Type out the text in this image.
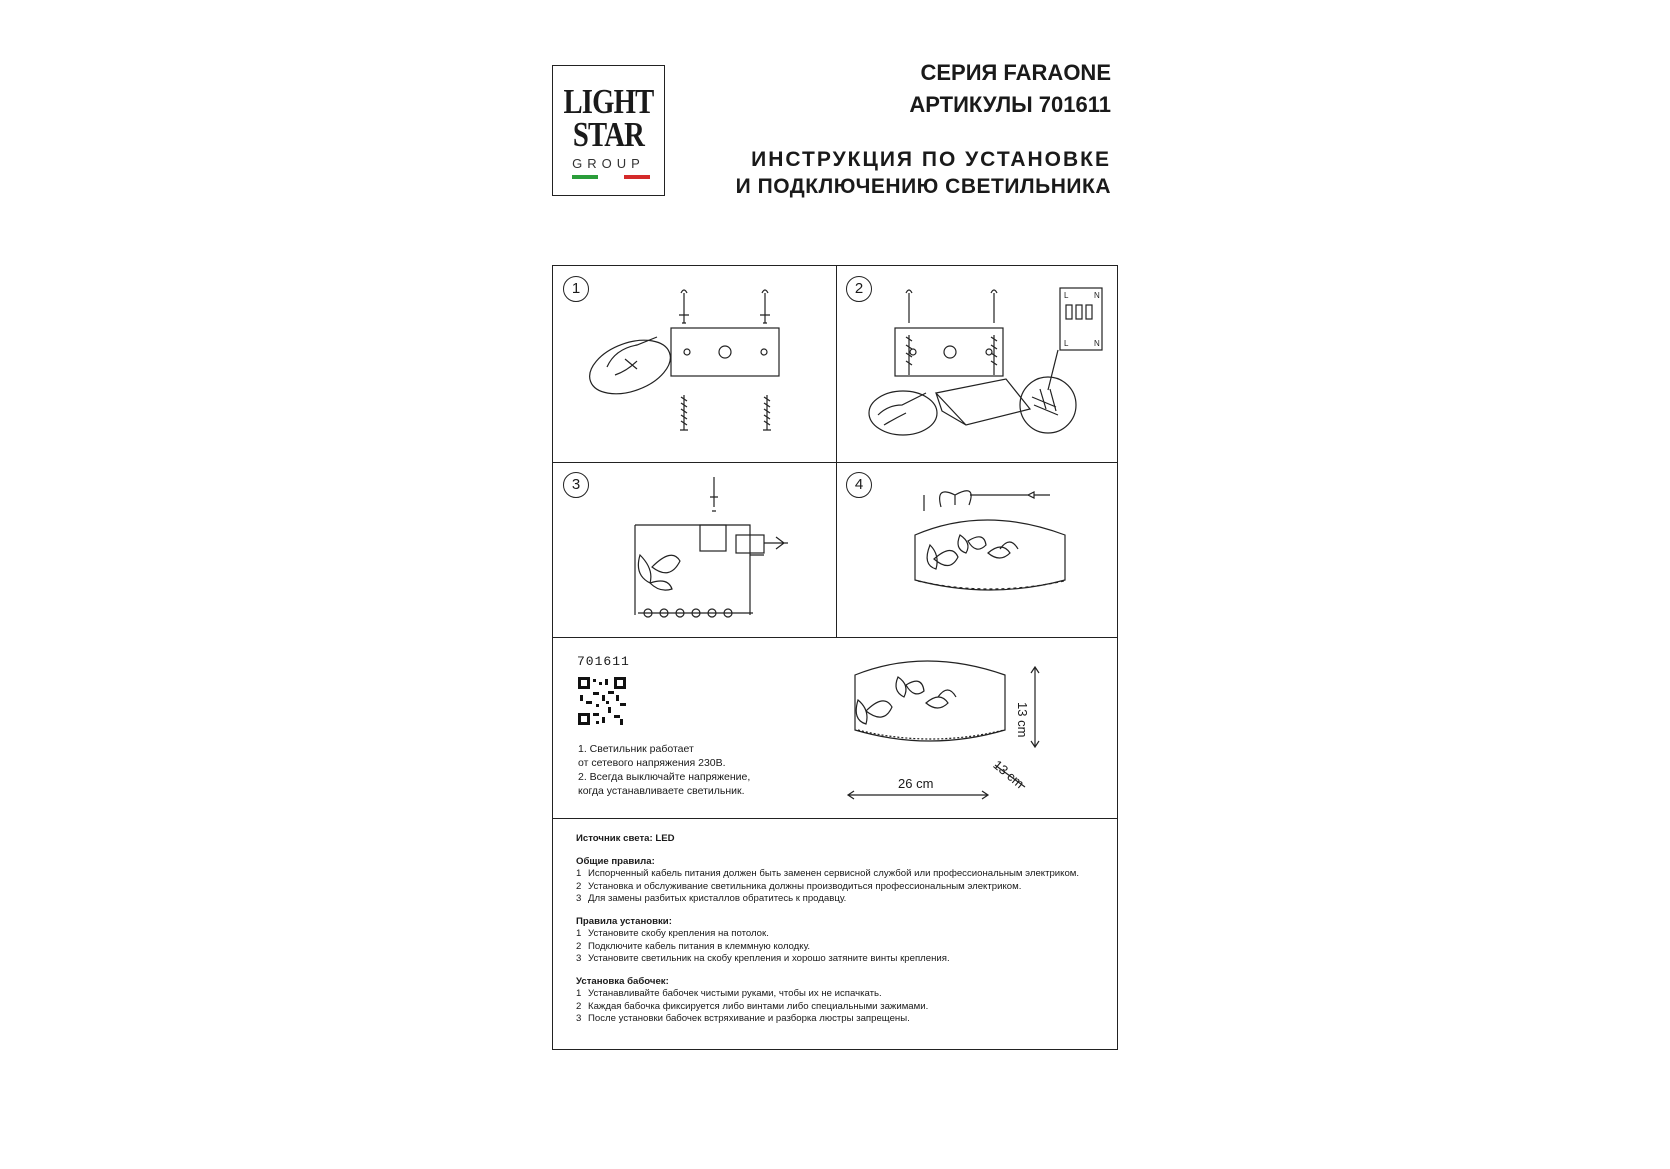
LIGHT
STAR
GROUP
СЕРИЯ FARAONE
АРТИКУЛЫ 701611
ИНСТРУКЦИЯ ПО УСТАНОВКЕ
И ПОДКЛЮЧЕНИЮ СВЕТИЛЬНИКА
1	2
3	4
L	N
L	N
701611
1. Светильник работает
от сетевого напряжения 230В.
2. Всегда выключайте напряжение,
когда устанавливаете светильник.	26 cm
13 cm
13 cm
Источник света: LED
Общие правила:
1 Испорченный кабель питания должен быть заменен сервисной службой или профессиональным электриком.
2 Установка и обслуживание светильника должны производиться профессиональным электриком.
3 Для замены разбитых кристаллов обратитесь к продавцу.
Правила установки:
1 Установите скобу крепления на потолок.
2 Подключите кабель питания в клеммную колодку.
3 Установите светильник на скобу крепления и хорошо затяните винты крепления.
Установка бабочек:
1 Устанавливайте бабочек чистыми руками, чтобы их не испачкать.
2 Каждая бабочка фиксируется либо винтами либо специальными зажимами.
3 После установки бабочек встряхивание и разборка люстры запрещены.
